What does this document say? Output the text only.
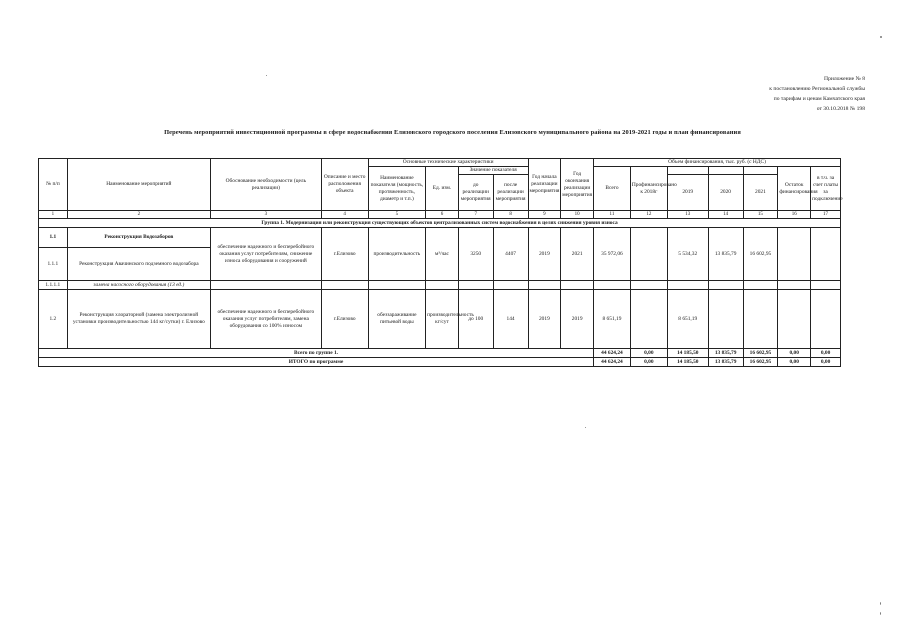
Приложение № 8
к постановлению Региональной службы
по тарифам и ценам Камчатского края
от 30.10.2018 № 198
Перечень мероприятий инвестиционной программы в сфере водоснабжения Елизовского городского поселения Елизовского муниципального района на 2019-2021 годы и план финансирования
№ п/п	Наименование мероприятий	Обоснование необходимости (цель реализации)	Описание и место расположения объекта	Основные технические характеристики				Год начала реализации мероприятия	Год окончания реализации мероприятия	Объем финансирования, тыс. руб. (с НДС)						
				Наименование показателя (мощность, протяженность, диаметр и т.п.)	Ед. изм.	Значение показателя				Всего	Профинансировано к 2018г				Остаток финансирования	в т.ч. за счет платы за подключение
						до реализации мероприятия	после реализации мероприятия					2019	2020	2021		
1	2	3	4	5	6	7	8	9	10	11	12	13	14	15	16	17
Группа 1. Модернизация или реконструкция существующих объектов централизованных систем водоснабжения в целях снижения уровня износа																
1.1	Реконструкция Водозаборов	обеспечение надежного и бесперебойного оказания услуг потребителям, снижение износа оборудования и сооружений	г.Елизово	производительность	м³/час	3250	4407	2019	2021	35 972,06		5 534,32	13 835,79	16 602,95		
1.1.1	Реконструкция Авачинского подземного водозабора															
1.1.1.1	замена насосного оборудования (13 ед.)															
1.2	Реконструкция хлораторной (замена электролизной установки производительностью 144 кг/сутки) г. Елизово	обеспечение надежного и бесперебойного оказания услуг потребителям, замена оборудования со 100% износом	г.Елизово	обеззараживание питьевой воды	производительность кг/сут	до 100	144	2019	2019	8 651,19		8 651,19				
Всего по группе 1.										44 624,24	0,00	14 185,50	13 835,79	16 602,95	0,00	0,00
ИТОГО по программе										44 624,24	0,00	14 185,50	13 835,79	16 602,95	0,00	0,00
